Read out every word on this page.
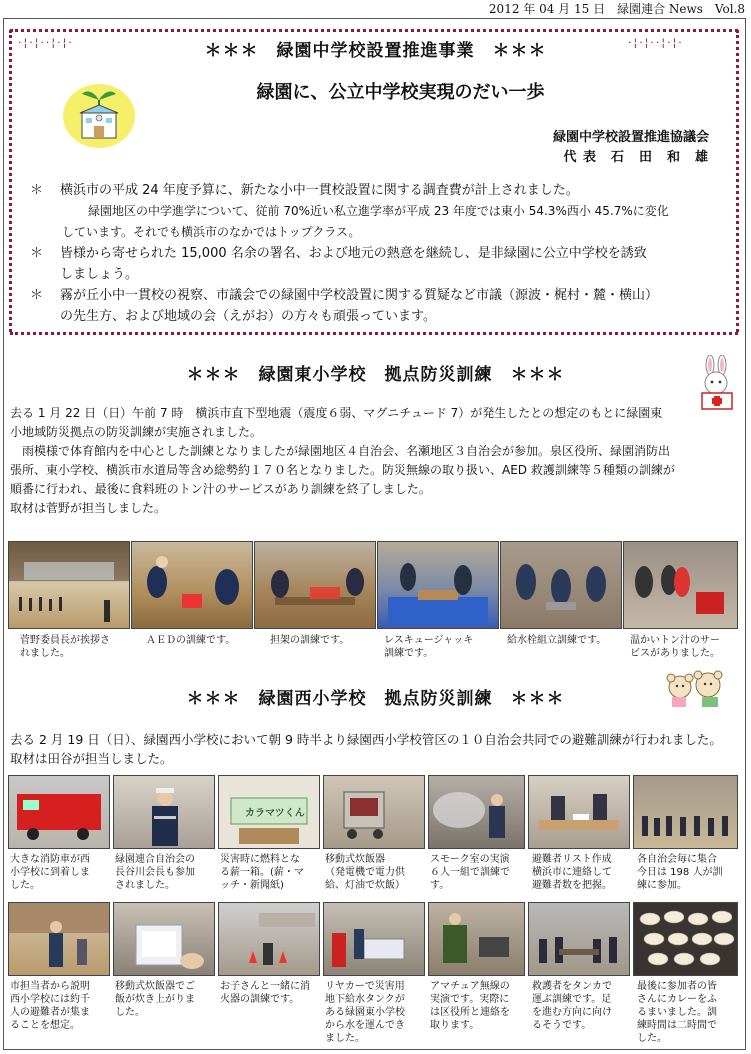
2012 年 04 月 15 日　緑園連合 News　Vol.8
·¦·¦··¦·¦·	·¦·¦··¦·¦·
＊＊＊　緑園中学校設置推進事業　＊＊＊
緑園に、公立中学校実現のだい一歩
緑園中学校設置推進協議会
代 表　石　田　和　雄
＊ 横浜市の平成 24 年度予算に、新たな小中一貫校設置に関する調査費が計上されました。
緑園地区の中学進学について、従前 70%近い私立進学率が平成 23 年度では東小 54.3%西小 45.7%に変化
しています。それでも横浜市のなかではトップクラス。
＊ 皆様から寄せられた 15,000 名余の署名、および地元の熱意を継続し、是非緑園に公立中学校を誘致
しましょう。
＊ 霧が丘小中一貫校の視察、市議会での緑園中学校設置に関する質疑など市議（源波・梶村・麓・横山）
の先生方、および地域の会（えがお）の方々も頑張っています。
＊＊＊　緑園東小学校　拠点防災訓練　＊＊＊
去る 1 月 22 日（日）午前 7 時　横浜市直下型地震（震度６弱、マグニチュード 7）が発生したとの想定のもとに緑園東
小地域防災拠点の防災訓練が実施されました。
　雨模様で体育館内を中心とした訓練となりましたが緑園地区４自治会、名瀬地区３自治会が参加。泉区役所、緑園消防出
張所、東小学校、横浜市水道局等含め総勢約１７０名となりました。防災無線の取り扱い、AED 救護訓練等５種類の訓練が
順番に行われ、最後に食料班のトン汁のサービスがあり訓練を終了しました。
取材は菅野が担当しました。
菅野委員長が挨拶さ
れました。
ＡＥＤの訓練です。	担架の訓練です。	レスキュージャッキ
訓練です。
給水栓組立訓練です。 温かいトン汁のサー
ビスがありました。
＊＊＊　緑園西小学校　拠点防災訓練　＊＊＊
去る 2 月 19 日（日）、緑園西小学校において朝 9 時半より緑園西小学校管区の１０自治会共同での避難訓練が行われました。
取材は田谷が担当しました。
カラマツくん
大きな消防車が西
小学校に到着しま
した。
緑園連合自治会の
長谷川会長も参加
されました。
災害時に燃料とな
る薪一箱。(薪・マ
ッチ・新聞紙)
移動式炊飯器
（発電機で電力供
給、灯油で炊飯）
スモーク室の実演
６人一組で訓練で
す。
避難者リスト作成
横浜市に連絡して
避難者数を把握。
各自治会毎に集合
今日は 198 人が訓
練に参加。
市担当者から説明
西小学校には約千
人の避難者が集ま
ることを想定。
移動式炊飯器でご
飯が炊き上がりま
した。
お子さんと一緒に消
火器の訓練です。
リヤカーで災害用
地下給水タンクが
ある緑園東小学校
から水を運んでき
ました。
アマチュア無線の
実演です。実際に
は区役所と連絡を
取ります。
救護者をタンカで
運ぶ訓練です。足
を進む方向に向け
るそうです。
最後に参加者の皆
さんにカレーをふ
るまいました。訓
練時間は二時間で
した。
